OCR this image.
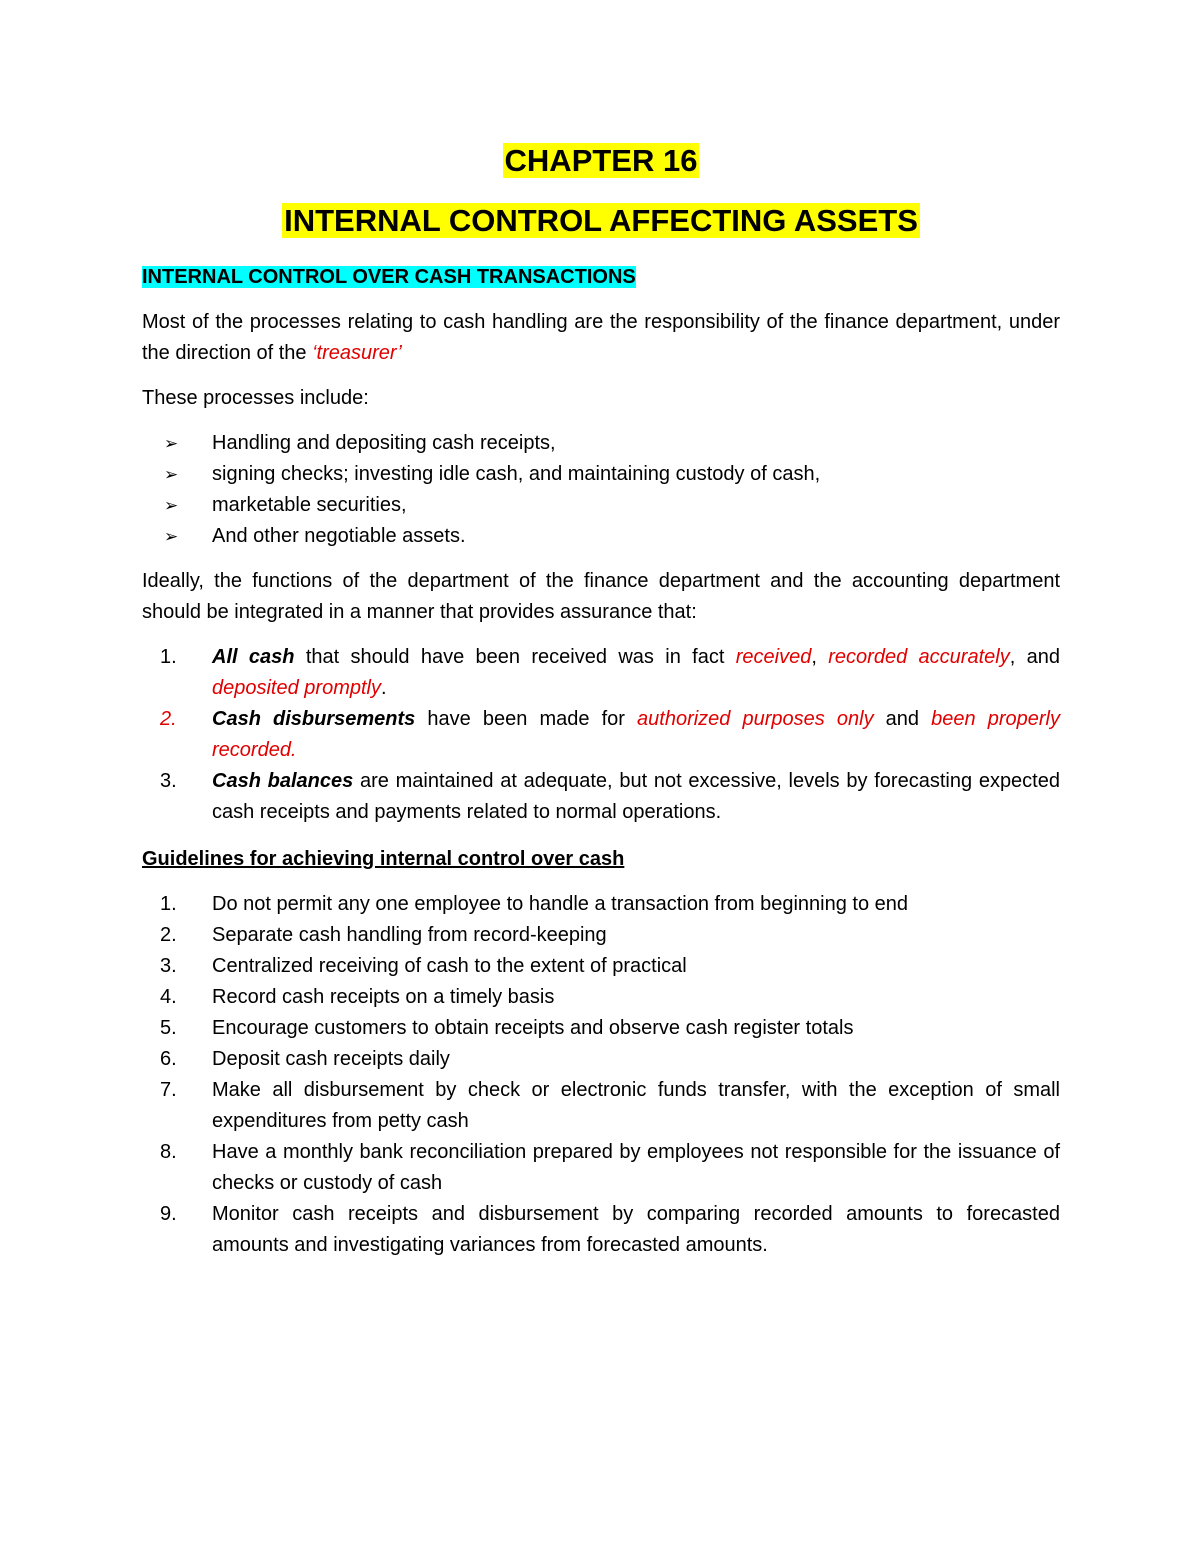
CHAPTER 16
INTERNAL CONTROL AFFECTING ASSETS
INTERNAL CONTROL OVER CASH TRANSACTIONS

Most of the processes relating to cash handling are the responsibility of the finance department, under the direction of the ‘treasurer’

These processes include:

➢ Handling and depositing cash receipts,
➢ signing checks; investing idle cash, and maintaining custody of cash,
➢ marketable securities,
➢ And other negotiable assets.

Ideally, the functions of the department of the finance department and the accounting department should be integrated in a manner that provides assurance that:

1. All cash that should have been received was in fact received, recorded accurately, and deposited promptly.
2. Cash disbursements have been made for authorized purposes only and been properly recorded.
3. Cash balances are maintained at adequate, but not excessive, levels by forecasting expected cash receipts and payments related to normal operations.
Guidelines for achieving internal control over cash
1. Do not permit any one employee to handle a transaction from beginning to end
2. Separate cash handling from record-keeping
3. Centralized receiving of cash to the extent of practical
4. Record cash receipts on a timely basis
5. Encourage customers to obtain receipts and observe cash register totals
6. Deposit cash receipts daily
7. Make all disbursement by check or electronic funds transfer, with the exception of small expenditures from petty cash
8. Have a monthly bank reconciliation prepared by employees not responsible for the issuance of checks or custody of cash
9. Monitor cash receipts and disbursement by comparing recorded amounts to forecasted amounts and investigating variances from forecasted amounts.
